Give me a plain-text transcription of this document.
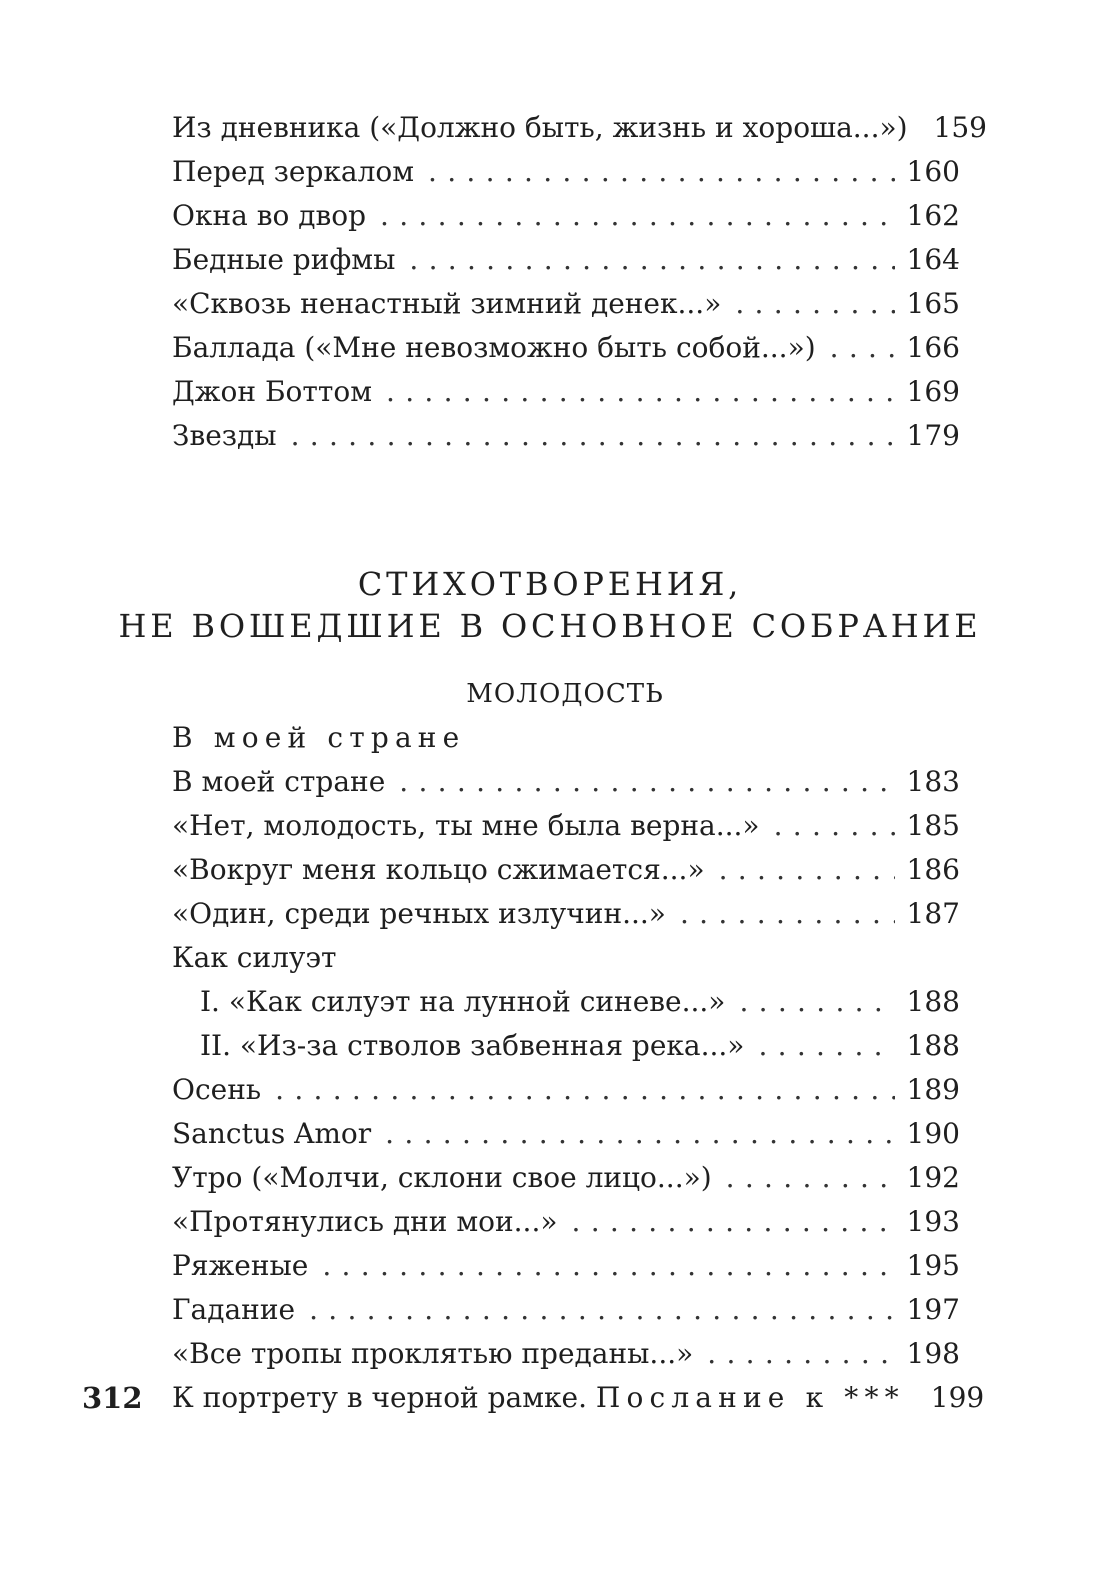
Из дневника («Должно быть, жизнь и хороша...») 159
Перед зеркалом . . .	160
Окна во двор . . .	162
Бедные рифмы . . .	164
«Сквозь ненастный зимний денек...» . . .	165
Баллада («Мне невозможно быть собой...») . . .	166
Джон Боттом . . .	169
Звезды . . .	179
СТИХОТВОРЕНИЯ,
НЕ ВОШЕДШИЕ В ОСНОВНОЕ СОБРАНИЕ
МОЛОДОСТЬ
В моей стране
В моей стране . . .	183
«Нет, молодость, ты мне была верна...» . . .	185
«Вокруг меня кольцо сжимается...» . . .	186
«Один, среди речных излучин...» . . .	187
Как силуэт
I. «Как силуэт на лунной синеве...» . . .	188
II. «Из-за стволов забвенная река...» . . .	188
Осень . . .	189
Sanctus Amor . . .	190
Утро («Молчи, склони свое лицо...») . . .	192
«Протянулись дни мои...» . . .	193
Ряженые . . .	195
Гадание . . .	197
«Все тропы проклятью преданы...» . . .	198
К портрету в черной рамке. Послание к *** 199
312
